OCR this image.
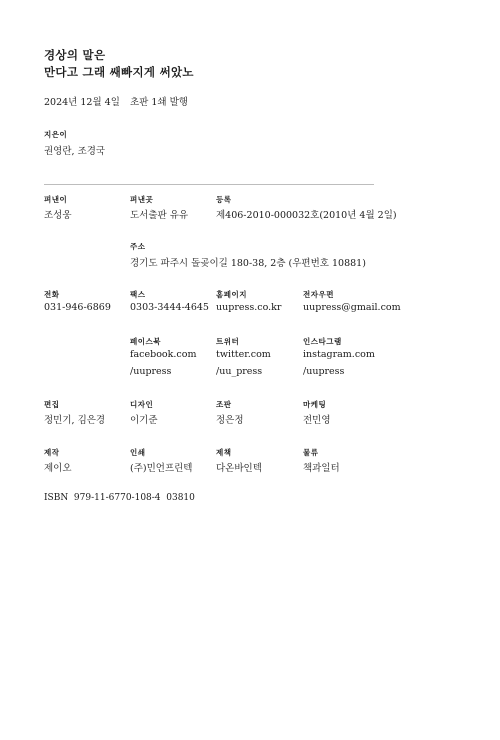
경상의 말은
만다고 그래 쌔빠지게 써았노
2024년 12월 4일 초판 1쇄 발행
지은이
권영란, 조경국
펴낸이
조성웅
펴낸곳
도서출판 유유
등록
제406-2010-000032호(2010년 4월 2일)
주소
경기도 파주시 돌곶이길 180-38, 2층 (우편번호 10881)
전화
031-946-6869
팩스
0303-3444-4645
홈페이지
uupress.co.kr
전자우편
uupress@gmail.com
페이스북
facebook.com
/uupress
트위터
twitter.com
/uu_press
인스타그램
instagram.com
/uupress
편집
정민기, 김은경
디자인
이기준
조판
정은정
마케팅
전민영
제작
제이오
인쇄
(주)민언프린텍
제책
다온바인텍
물류
책과일터
ISBN  979-11-6770-108-4  03810
